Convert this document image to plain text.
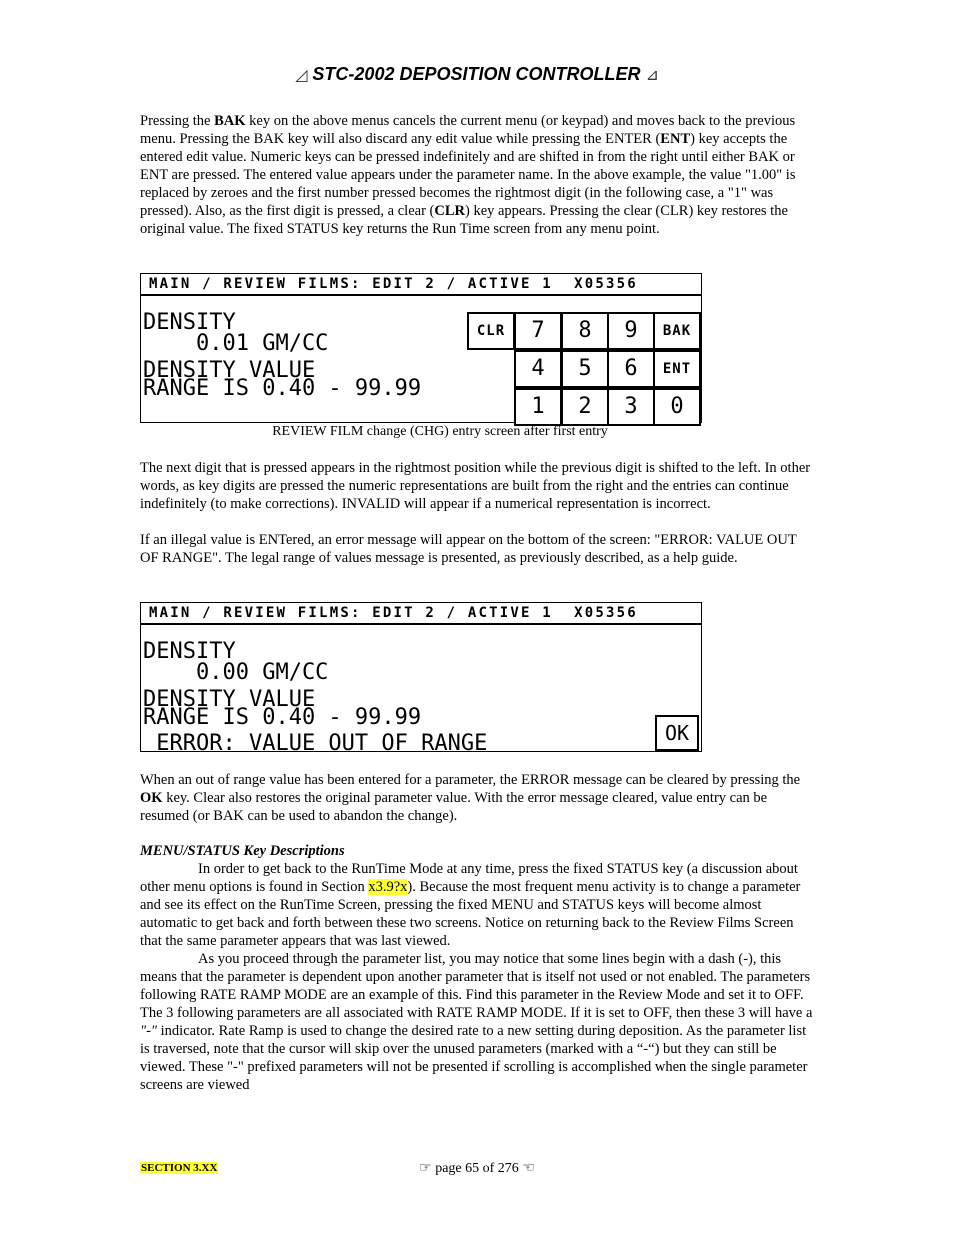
◿ STC-2002 DEPOSITION CONTROLLER ⊿

Pressing the BAK key on the above menus cancels the current menu (or keypad) and moves back to the previous menu. Pressing the BAK key will also discard any edit value while pressing the ENTER (ENT) key accepts the entered edit value. Numeric keys can be pressed indefinitely and are shifted in from the right until either BAK or ENT are pressed. The entered value appears under the parameter name. In the above example, the value "1.00" is replaced by zeroes and the first number pressed becomes the rightmost digit (in the following case, a "1" was pressed). Also, as the first digit is pressed, a clear (CLR) key appears. Pressing the clear (CLR) key restores the original value. The fixed STATUS key returns the Run Time screen from any menu point.

MAIN / REVIEW FILMS: EDIT 2 / ACTIVE 1  X05356
DENSITY
0.01 GM/CC
DENSITY VALUE
RANGE IS 0.40 - 99.99
CLR	7	8	9	BAK
4	5	6	ENT
1	2	3	0
REVIEW FILM change (CHG) entry screen after first entry

The next digit that is pressed appears in the rightmost position while the previous digit is shifted to the left. In other words, as key digits are pressed the numeric representations are built from the right and the entries can continue indefinitely (to make corrections). INVALID will appear if a numerical representation is incorrect.

If an illegal value is ENTered, an error message will appear on the bottom of the screen: "ERROR: VALUE OUT OF RANGE". The legal range of values message is presented, as previously described, as a help guide.

MAIN / REVIEW FILMS: EDIT 2 / ACTIVE 1  X05356
DENSITY
0.00 GM/CC
DENSITY VALUE
RANGE IS 0.40 - 99.99
ERROR: VALUE OUT OF RANGE	OK

When an out of range value has been entered for a parameter, the ERROR message can be cleared by pressing the OK key. Clear also restores the original parameter value. With the error message cleared, value entry can be resumed (or BAK can be used to abandon the change).

MENU/STATUS Key Descriptions

In order to get back to the RunTime Mode at any time, press the fixed STATUS key (a discussion about other menu options is found in Section x3.9?x). Because the most frequent menu activity is to change a parameter and see its effect on the RunTime Screen, pressing the fixed MENU and STATUS keys will become almost automatic to get back and forth between these two screens. Notice on returning back to the Review Films Screen that the same parameter appears that was last viewed.

As you proceed through the parameter list, you may notice that some lines begin with a dash (-), this means that the parameter is dependent upon another parameter that is itself not used or not enabled. The parameters following RATE RAMP MODE are an example of this. Find this parameter in the Review Mode and set it to OFF. The 3 following parameters are all associated with RATE RAMP MODE. If it is set to OFF, then these 3 will have a "-" indicator. Rate Ramp is used to change the desired rate to a new setting during deposition. As the parameter list is traversed, note that the cursor will skip over the unused parameters (marked with a “-“) but they can still be viewed. These "-" prefixed parameters will not be presented if scrolling is accomplished when the single parameter screens are viewed

SECTION 3.XX	☞ page 65 of 276 ☜
